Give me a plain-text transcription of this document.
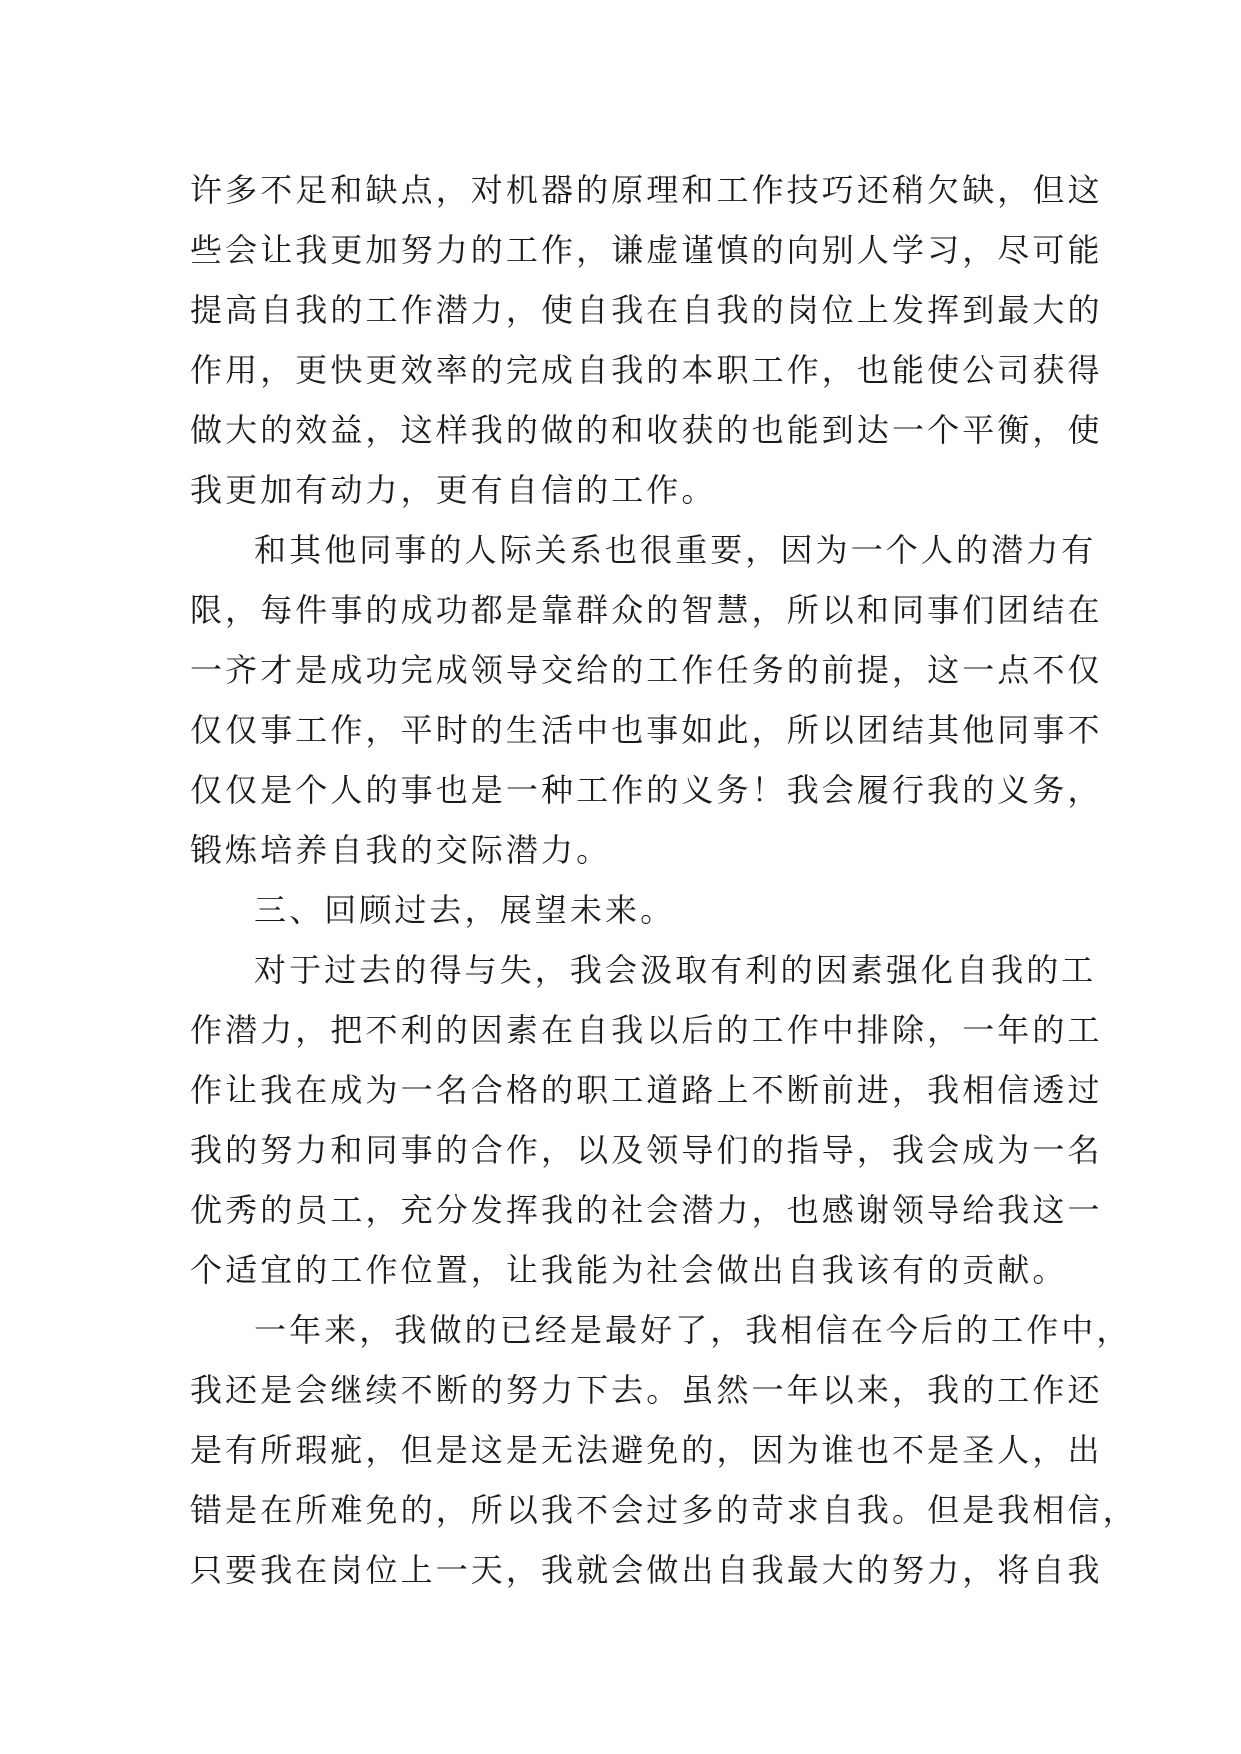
许多不足和缺点，对机器的原理和工作技巧还稍欠缺，但这
些会让我更加努力的工作，谦虚谨慎的向别人学习，尽可能
提高自我的工作潜力，使自我在自我的岗位上发挥到最大的
作用，更快更效率的完成自我的本职工作，也能使公司获得
做大的效益，这样我的做的和收获的也能到达一个平衡，使
我更加有动力，更有自信的工作。
和其他同事的人际关系也很重要，因为一个人的潜力有
限，每件事的成功都是靠群众的智慧，所以和同事们团结在
一齐才是成功完成领导交给的工作任务的前提，这一点不仅
仅仅事工作，平时的生活中也事如此，所以团结其他同事不
仅仅是个人的事也是一种工作的义务！我会履行我的义务，
锻炼培养自我的交际潜力。
三、回顾过去，展望未来。
对于过去的得与失，我会汲取有利的因素强化自我的工
作潜力，把不利的因素在自我以后的工作中排除，一年的工
作让我在成为一名合格的职工道路上不断前进，我相信透过
我的努力和同事的合作，以及领导们的指导，我会成为一名
优秀的员工，充分发挥我的社会潜力，也感谢领导给我这一
个适宜的工作位置，让我能为社会做出自我该有的贡献。
一年来，我做的已经是最好了，我相信在今后的工作中，
我还是会继续不断的努力下去。虽然一年以来，我的工作还
是有所瑕疵，但是这是无法避免的，因为谁也不是圣人，出
错是在所难免的，所以我不会过多的苛求自我。但是我相信，
只要我在岗位上一天，我就会做出自我最大的努力，将自我
